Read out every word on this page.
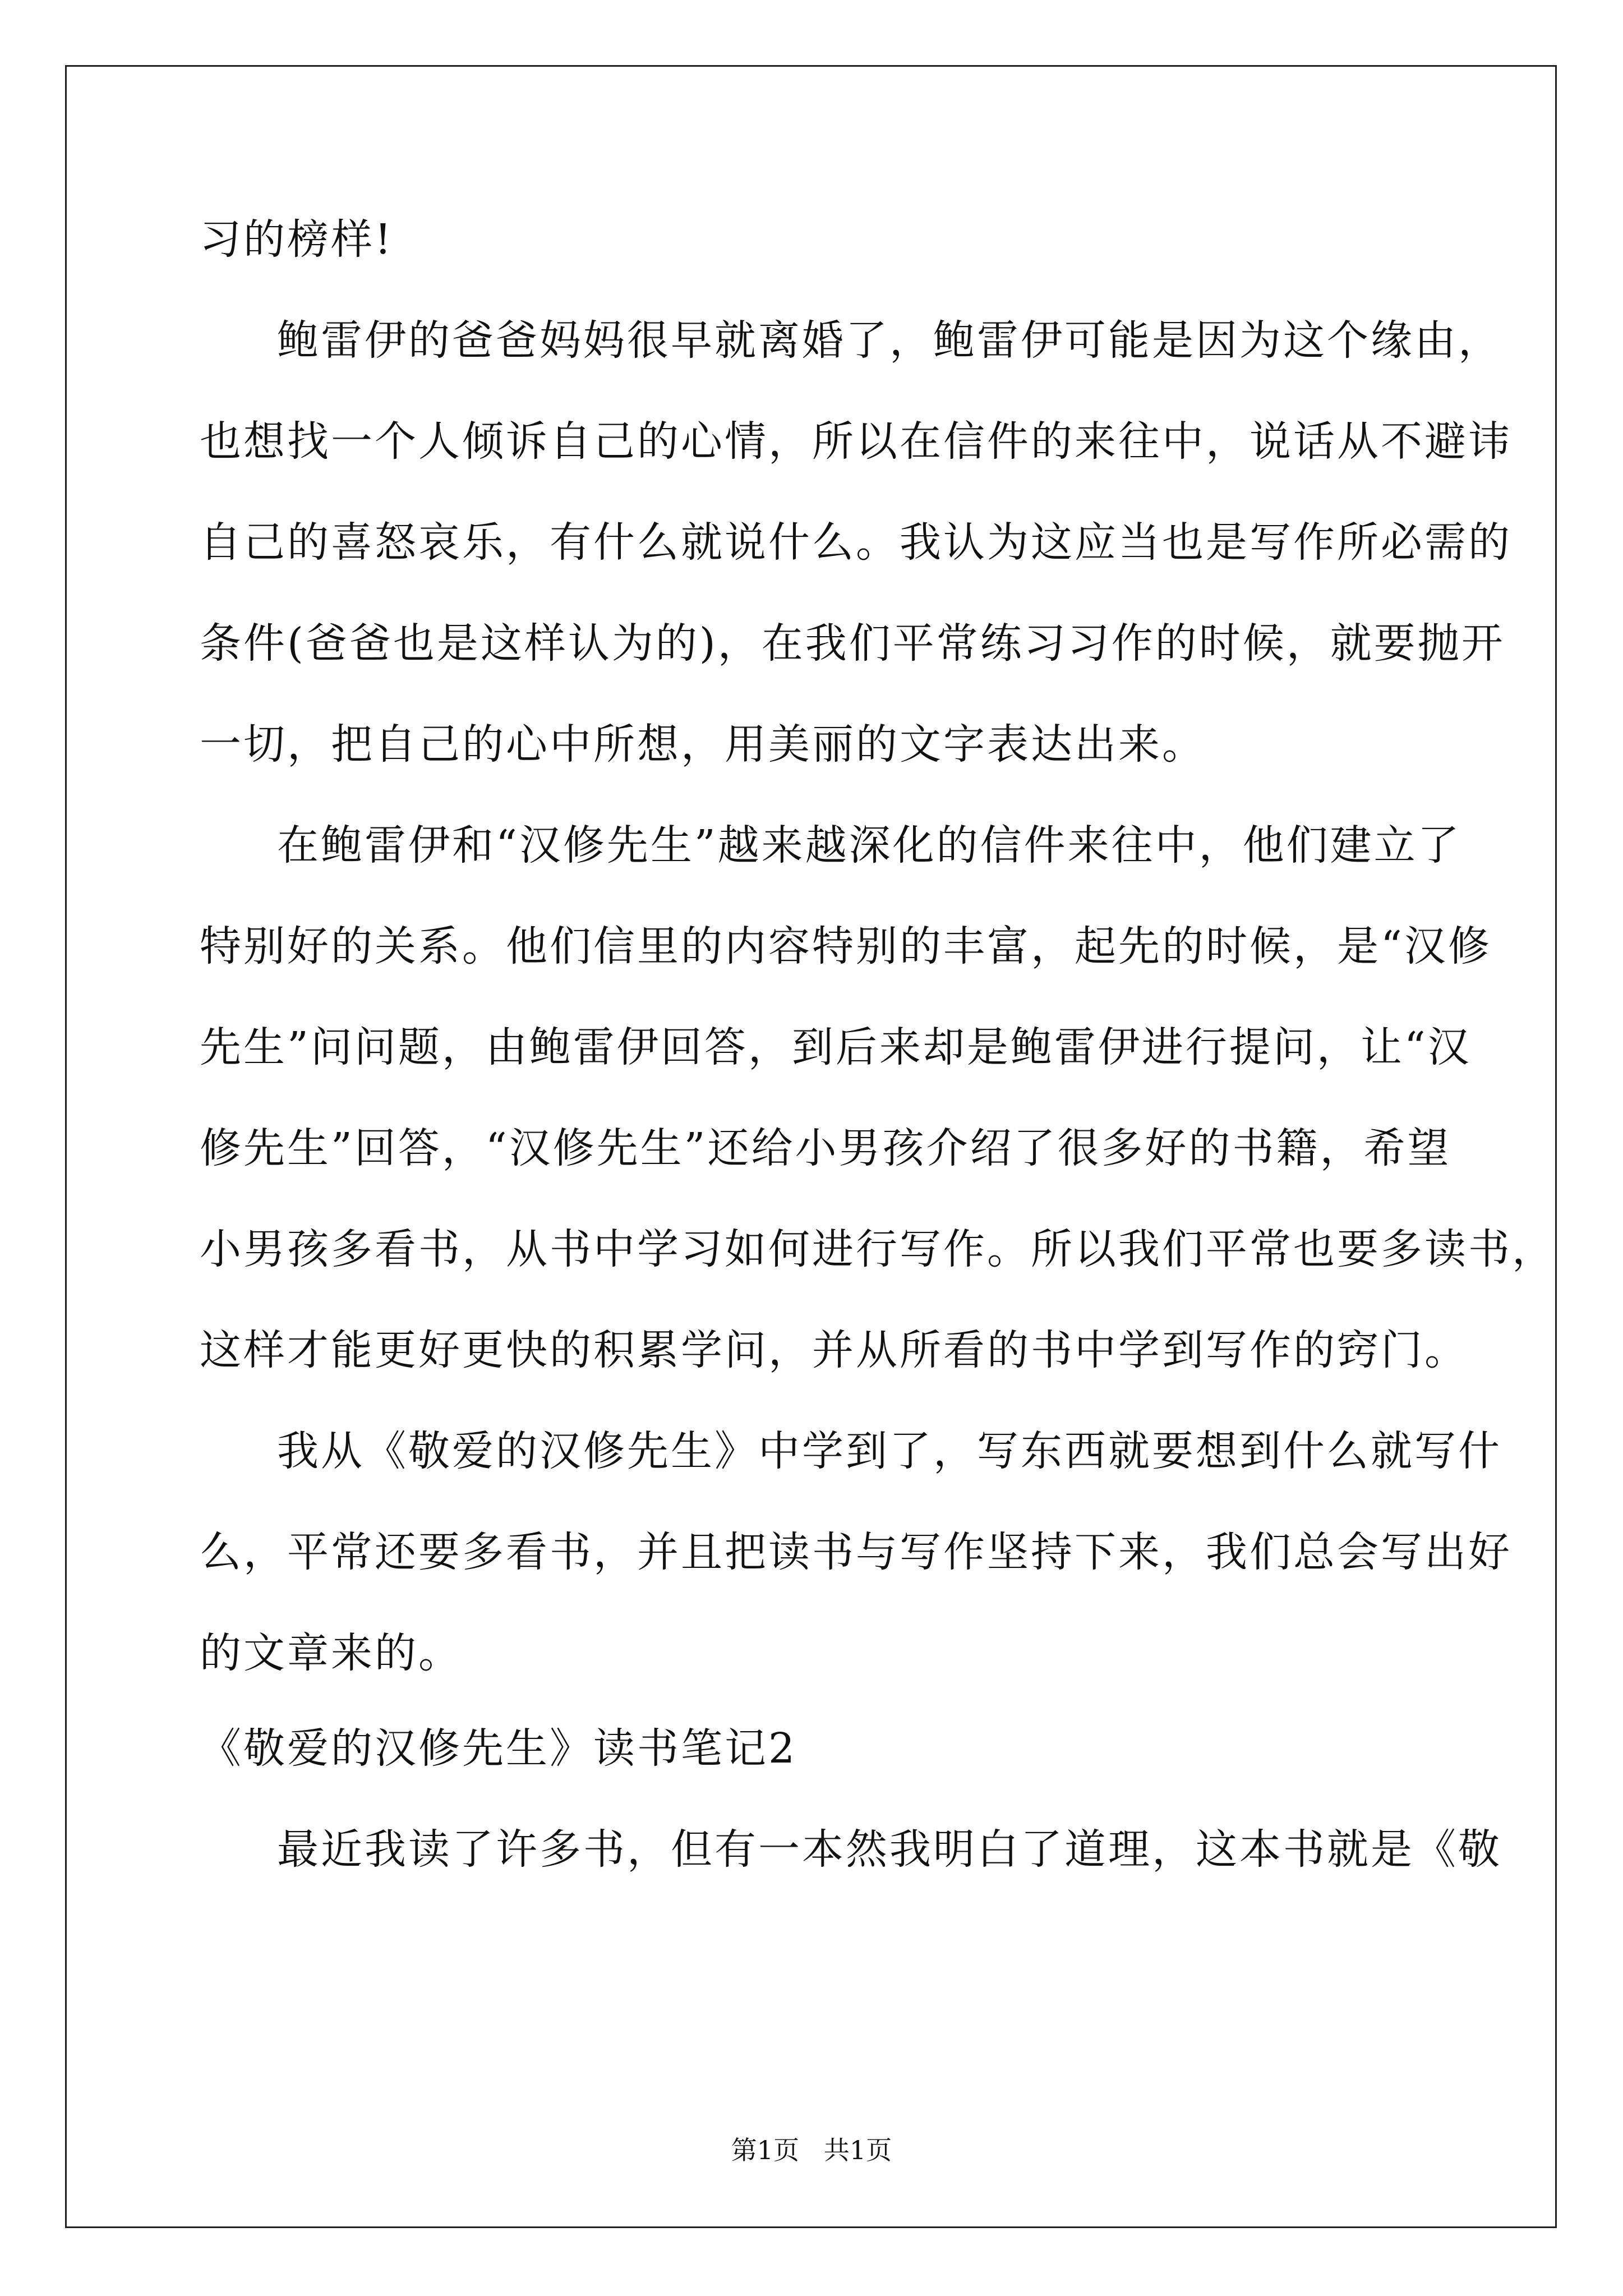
习的榜样!
鲍雷伊的爸爸妈妈很早就离婚了，鲍雷伊可能是因为这个缘由，
也想找一个人倾诉自己的心情，所以在信件的来往中，说话从不避讳
自己的喜怒哀乐，有什么就说什么。我认为这应当也是写作所必需的
条件(爸爸也是这样认为的)，在我们平常练习习作的时候，就要抛开
一切，把自己的心中所想，用美丽的文字表达出来。
在鲍雷伊和“汉修先生”越来越深化的信件来往中，他们建立了
特别好的关系。他们信里的内容特别的丰富，起先的时候，是“汉修
先生”问问题，由鲍雷伊回答，到后来却是鲍雷伊进行提问，让“汉
修先生”回答，“汉修先生”还给小男孩介绍了很多好的书籍，希望
小男孩多看书，从书中学习如何进行写作。所以我们平常也要多读书，
这样才能更好更快的积累学问，并从所看的书中学到写作的窍门。
我从《敬爱的汉修先生》中学到了，写东西就要想到什么就写什
么，平常还要多看书，并且把读书与写作坚持下来，我们总会写出好
的文章来的。
《敬爱的汉修先生》读书笔记2
最近我读了许多书，但有一本然我明白了道理，这本书就是《敬
第1页   共1页
